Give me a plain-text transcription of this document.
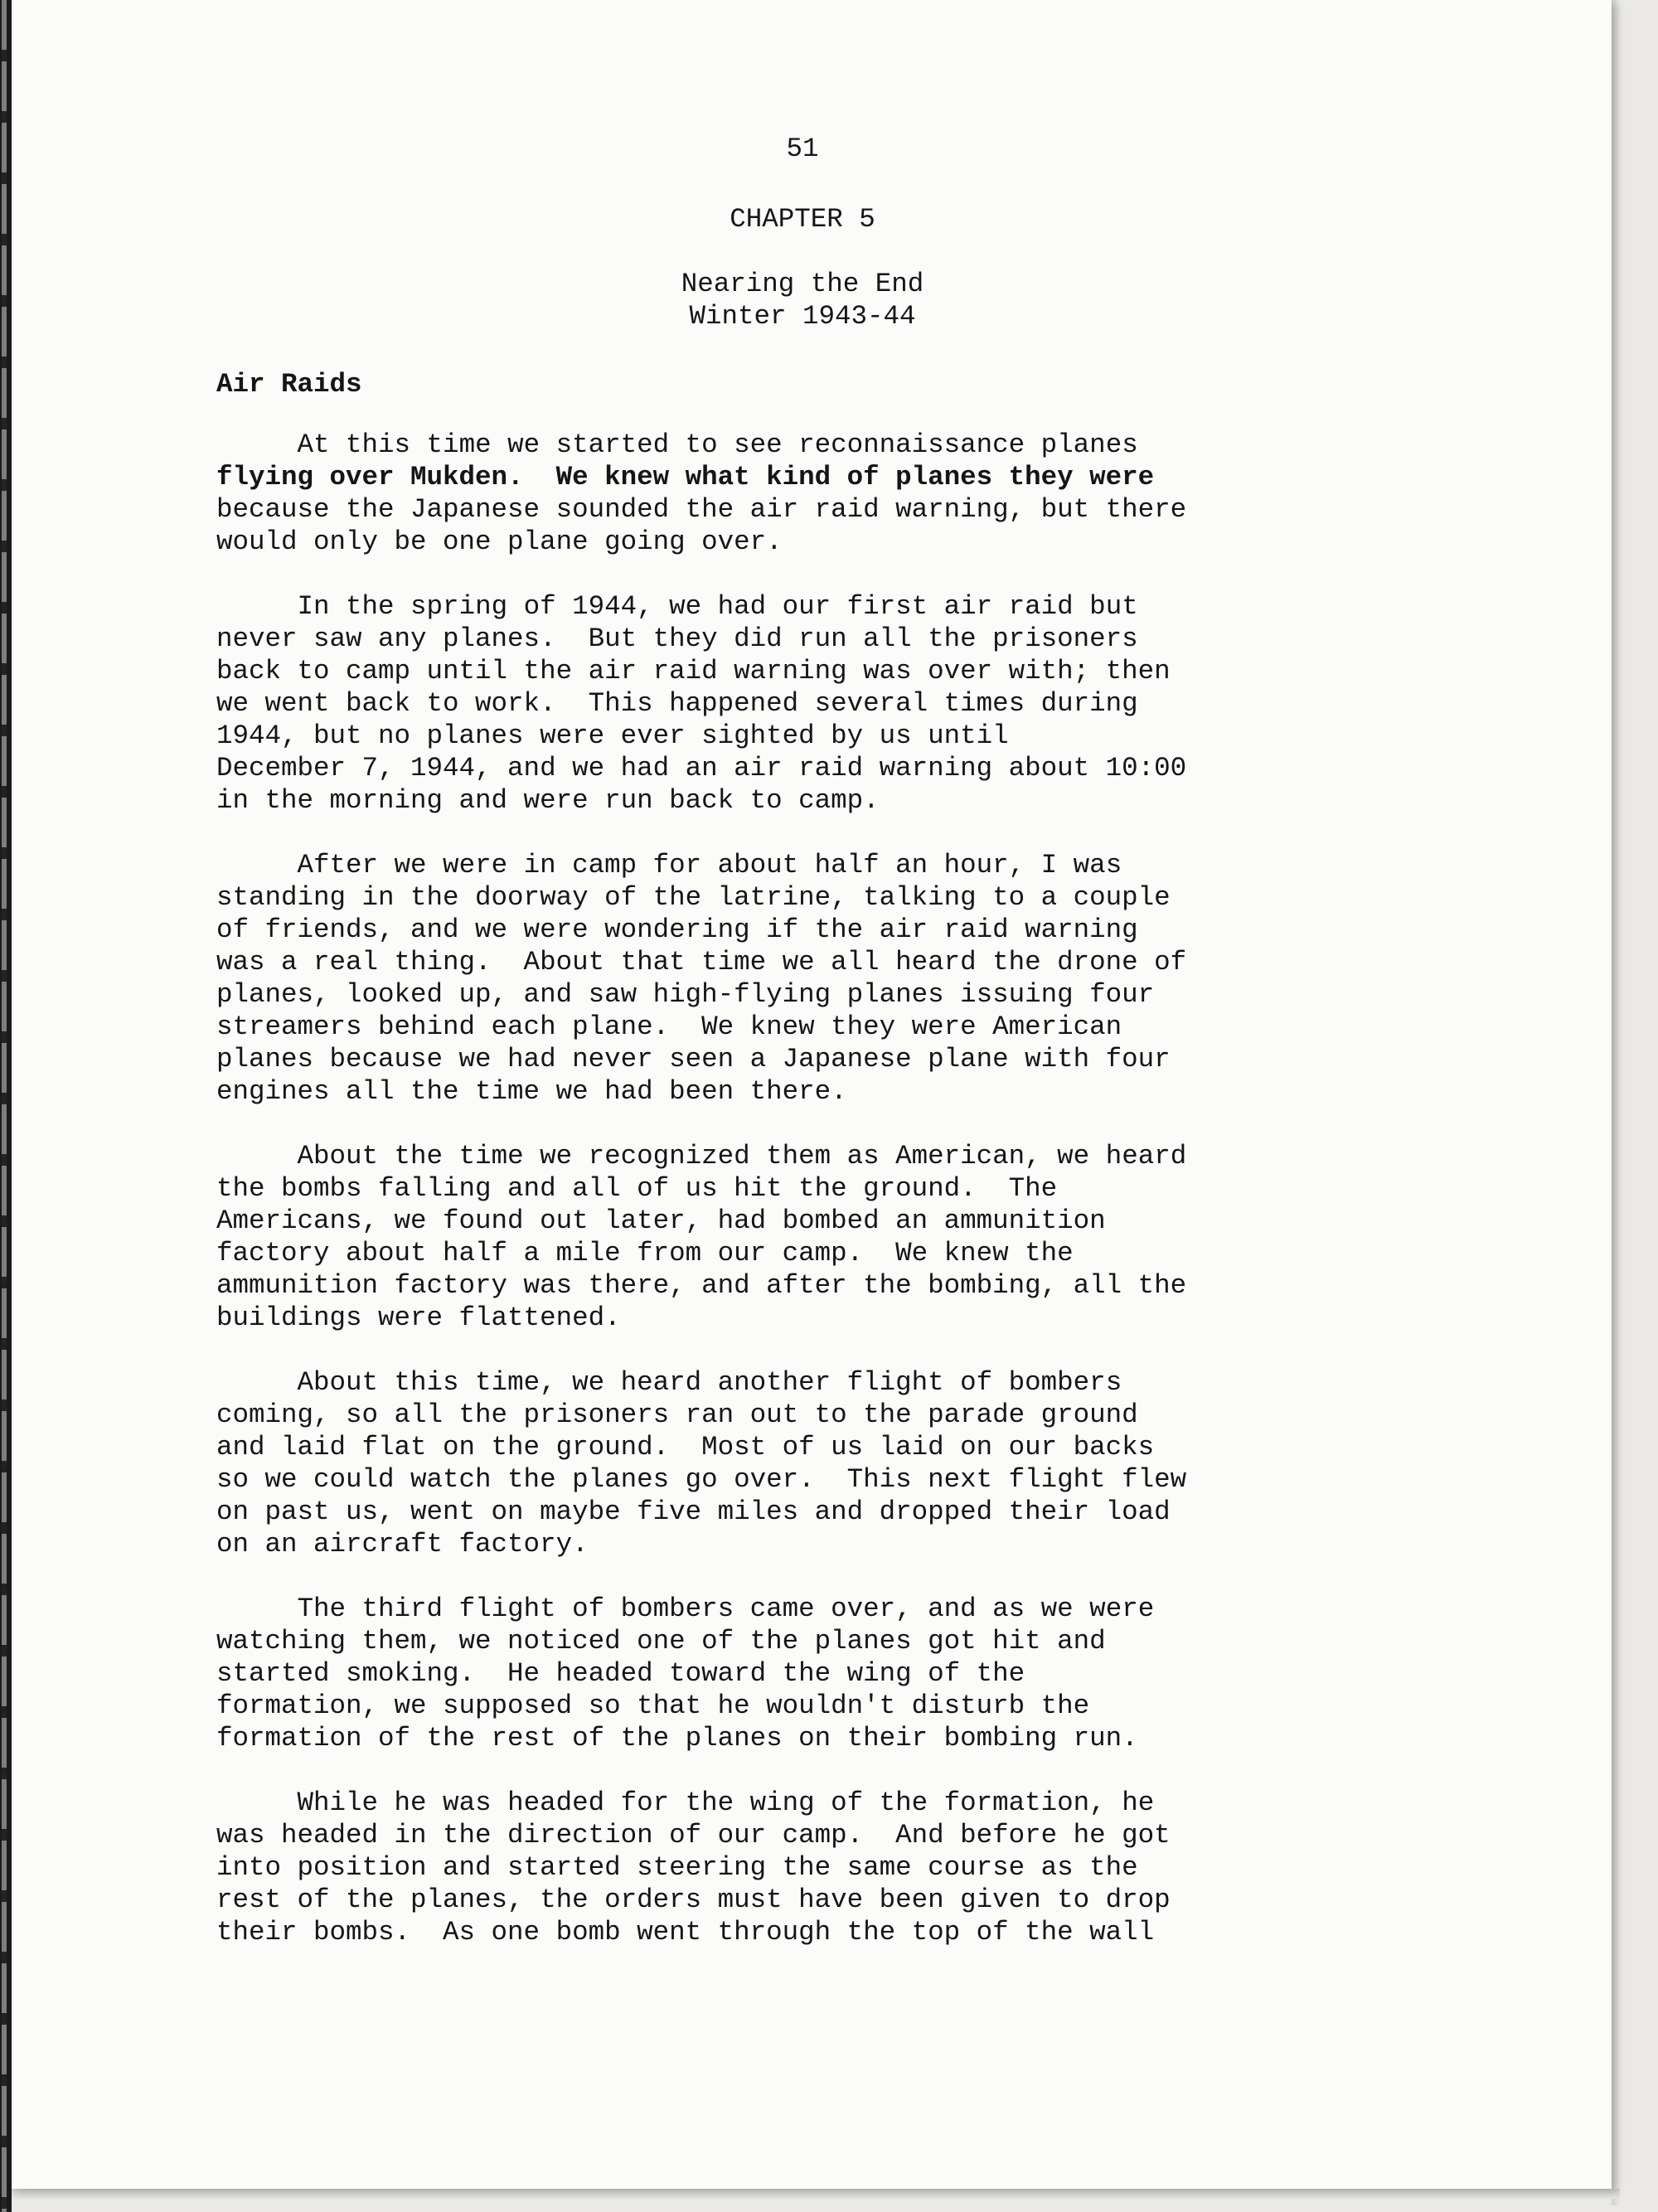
51
CHAPTER 5
Nearing the End
Winter 1943-44
Air Raids
At this time we started to see reconnaissance planes
flying over Mukden.  We knew what kind of planes they were
because the Japanese sounded the air raid warning, but there
would only be one plane going over.
In the spring of 1944, we had our first air raid but
never saw any planes.  But they did run all the prisoners
back to camp until the air raid warning was over with; then
we went back to work.  This happened several times during
1944, but no planes were ever sighted by us until
December 7, 1944, and we had an air raid warning about 10:00
in the morning and were run back to camp.
After we were in camp for about half an hour, I was
standing in the doorway of the latrine, talking to a couple
of friends, and we were wondering if the air raid warning
was a real thing.  About that time we all heard the drone of
planes, looked up, and saw high-flying planes issuing four
streamers behind each plane.  We knew they were American
planes because we had never seen a Japanese plane with four
engines all the time we had been there.
About the time we recognized them as American, we heard
the bombs falling and all of us hit the ground.  The
Americans, we found out later, had bombed an ammunition
factory about half a mile from our camp.  We knew the
ammunition factory was there, and after the bombing, all the
buildings were flattened.
About this time, we heard another flight of bombers
coming, so all the prisoners ran out to the parade ground
and laid flat on the ground.  Most of us laid on our backs
so we could watch the planes go over.  This next flight flew
on past us, went on maybe five miles and dropped their load
on an aircraft factory.
The third flight of bombers came over, and as we were
watching them, we noticed one of the planes got hit and
started smoking.  He headed toward the wing of the
formation, we supposed so that he wouldn't disturb the
formation of the rest of the planes on their bombing run.
While he was headed for the wing of the formation, he
was headed in the direction of our camp.  And before he got
into position and started steering the same course as the
rest of the planes, the orders must have been given to drop
their bombs.  As one bomb went through the top of the wall
